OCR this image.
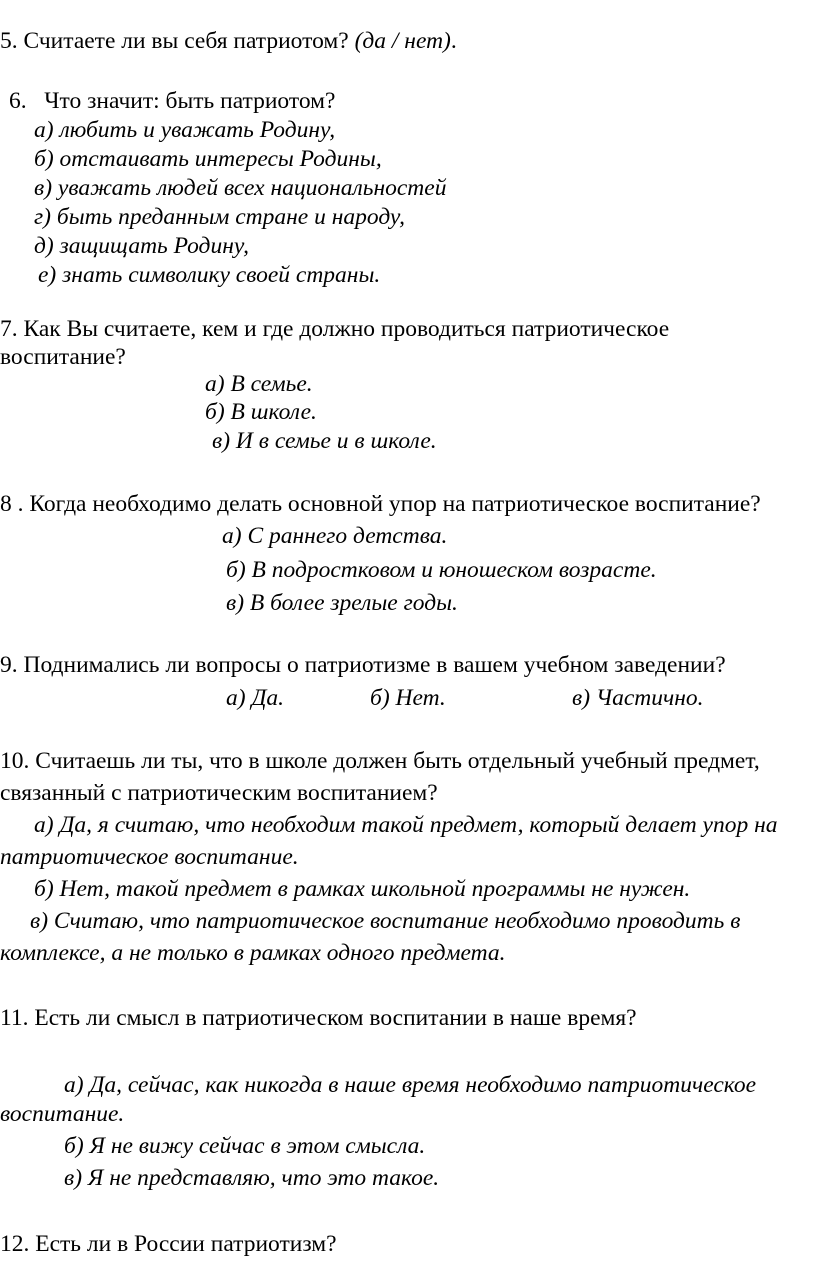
5. Считаете ли вы себя патриотом? (да / нет).
6. Что значит: быть патриотом?
а) любить и уважать Родину,
б) отстаивать интересы Родины,
в) уважать людей всех национальностей
г) быть преданным стране и народу,
д) защищать Родину,
е) знать символику своей страны.
7. Как Вы считаете, кем и где должно проводиться патриотическое
воспитание?
а) В семье.
б) В школе.
в) И в семье и в школе.
8 . Когда необходимо делать основной упор на патриотическое воспитание?
а) С раннего детства.
б) В подростковом и юношеском возрасте.
в) В более зрелые годы.
9. Поднимались ли вопросы о патриотизме в вашем учебном заведении?
а) Да.	б) Нет.	в) Частично.
10. Считаешь ли ты, что в школе должен быть отдельный учебный предмет,
связанный с патриотическим воспитанием?
а) Да, я считаю, что необходим такой предмет, который делает упор на
патриотическое воспитание.
б) Нет, такой предмет в рамках школьной программы не нужен.
в) Считаю, что патриотическое воспитание необходимо проводить в
комплексе, а не только в рамках одного предмета.
11. Есть ли смысл в патриотическом воспитании в наше время?
а) Да, сейчас, как никогда в наше время необходимо патриотическое
воспитание.
б) Я не вижу сейчас в этом смысла.
в) Я не представляю, что это такое.
12. Есть ли в России патриотизм?
